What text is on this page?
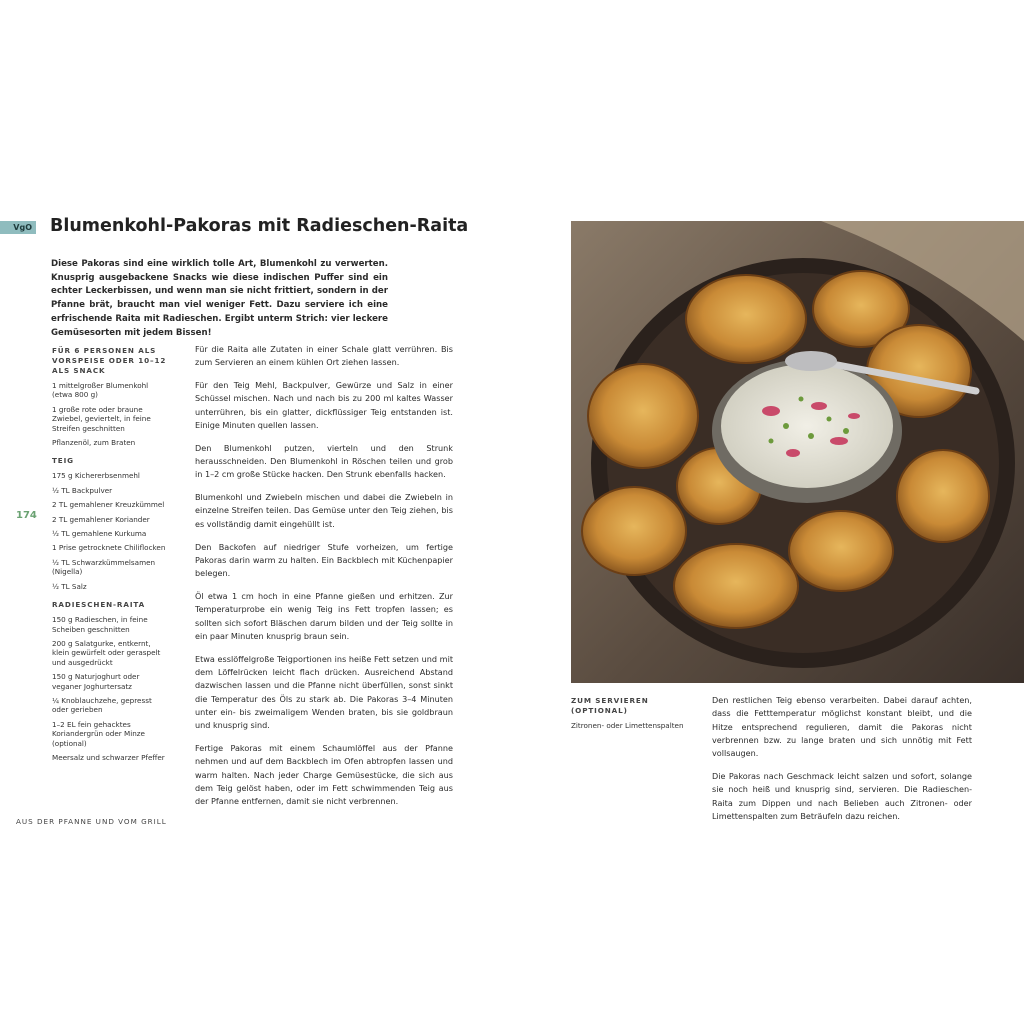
VgO Blumenkohl-Pakoras mit Radieschen-Raita

Diese Pakoras sind eine wirklich tolle Art, Blumenkohl zu verwerten. Knusprig ausgebackene Snacks wie diese indischen Puffer sind ein echter Leckerbissen, und wenn man sie nicht frittiert, sondern in der Pfanne brät, braucht man viel weniger Fett. Dazu serviere ich eine erfrischende Raita mit Radieschen. Ergibt unterm Strich: vier leckere Gemüsesorten mit jedem Bissen!

174
FÜR 6 PERSONEN ALS VORSPEISE ODER 10–12 ALS SNACK
1 mittelgroßer Blumenkohl (etwa 800 g)
1 große rote oder braune Zwiebel, geviertelt, in feine Streifen geschnitten
Pflanzenöl, zum Braten
TEIG
175 g Kichererbsenmehl
½ TL Backpulver
2 TL gemahlener Kreuzkümmel
2 TL gemahlener Koriander
½ TL gemahlene Kurkuma
1 Prise getrocknete Chiliflocken
½ TL Schwarzkümmelsamen (Nigella)
½ TL Salz
RADIESCHEN-RAITA
150 g Radieschen, in feine Scheiben geschnitten
200 g Salatgurke, entkernt, klein gewürfelt oder geraspelt und ausgedrückt
150 g Naturjoghurt oder veganer Joghurtersatz
¼ Knoblauchzehe, gepresst oder gerieben
1–2 EL fein gehacktes Koriandergrün oder Minze (optional)
Meersalz und schwarzer Pfeffer

Für die Raita alle Zutaten in einer Schale glatt verrühren. Bis zum Servieren an einem kühlen Ort ziehen lassen.

Für den Teig Mehl, Backpulver, Gewürze und Salz in einer Schüssel mischen. Nach und nach bis zu 200 ml kaltes Wasser unterrühren, bis ein glatter, dickflüssiger Teig entstanden ist. Einige Minuten quellen lassen.

Den Blumenkohl putzen, vierteln und den Strunk herausschneiden. Den Blumenkohl in Röschen teilen und grob in 1–2 cm große Stücke hacken. Den Strunk ebenfalls hacken.

Blumenkohl und Zwiebeln mischen und dabei die Zwiebeln in einzelne Streifen teilen. Das Gemüse unter den Teig ziehen, bis es vollständig damit eingehüllt ist.

Den Backofen auf niedriger Stufe vorheizen, um fertige Pakoras darin warm zu halten. Ein Backblech mit Küchenpapier belegen.

Öl etwa 1 cm hoch in eine Pfanne gießen und erhitzen. Zur Temperaturprobe ein wenig Teig ins Fett tropfen lassen; es sollten sich sofort Bläschen darum bilden und der Teig sollte in ein paar Minuten knusprig braun sein.

Etwa esslöffelgroße Teigportionen ins heiße Fett setzen und mit dem Löffelrücken leicht flach drücken. Ausreichend Abstand dazwischen lassen und die Pfanne nicht überfüllen, sonst sinkt die Temperatur des Öls zu stark ab. Die Pakoras 3–4 Minuten unter ein- bis zweimaligem Wenden braten, bis sie goldbraun und knusprig sind.

Fertige Pakoras mit einem Schaumlöffel aus der Pfanne nehmen und auf dem Backblech im Ofen abtropfen lassen und warm halten. Nach jeder Charge Gemüsestücke, die sich aus dem Teig gelöst haben, oder im Fett schwimmenden Teig aus der Pfanne entfernen, damit sie nicht verbrennen.

AUS DER PFANNE UND VOM GRILL
ZUM SERVIEREN (OPTIONAL)
Zitronen- oder Limettenspalten

Den restlichen Teig ebenso verarbeiten. Dabei darauf achten, dass die Fetttemperatur möglichst konstant bleibt, und die Hitze entsprechend regulieren, damit die Pakoras nicht verbrennen bzw. zu lange braten und sich unnötig mit Fett vollsaugen.

Die Pakoras nach Geschmack leicht salzen und sofort, solange sie noch heiß und knusprig sind, servieren. Die Radieschen-Raita zum Dippen und nach Belieben auch Zitronen- oder Limettenspalten zum Beträufeln dazu reichen.
